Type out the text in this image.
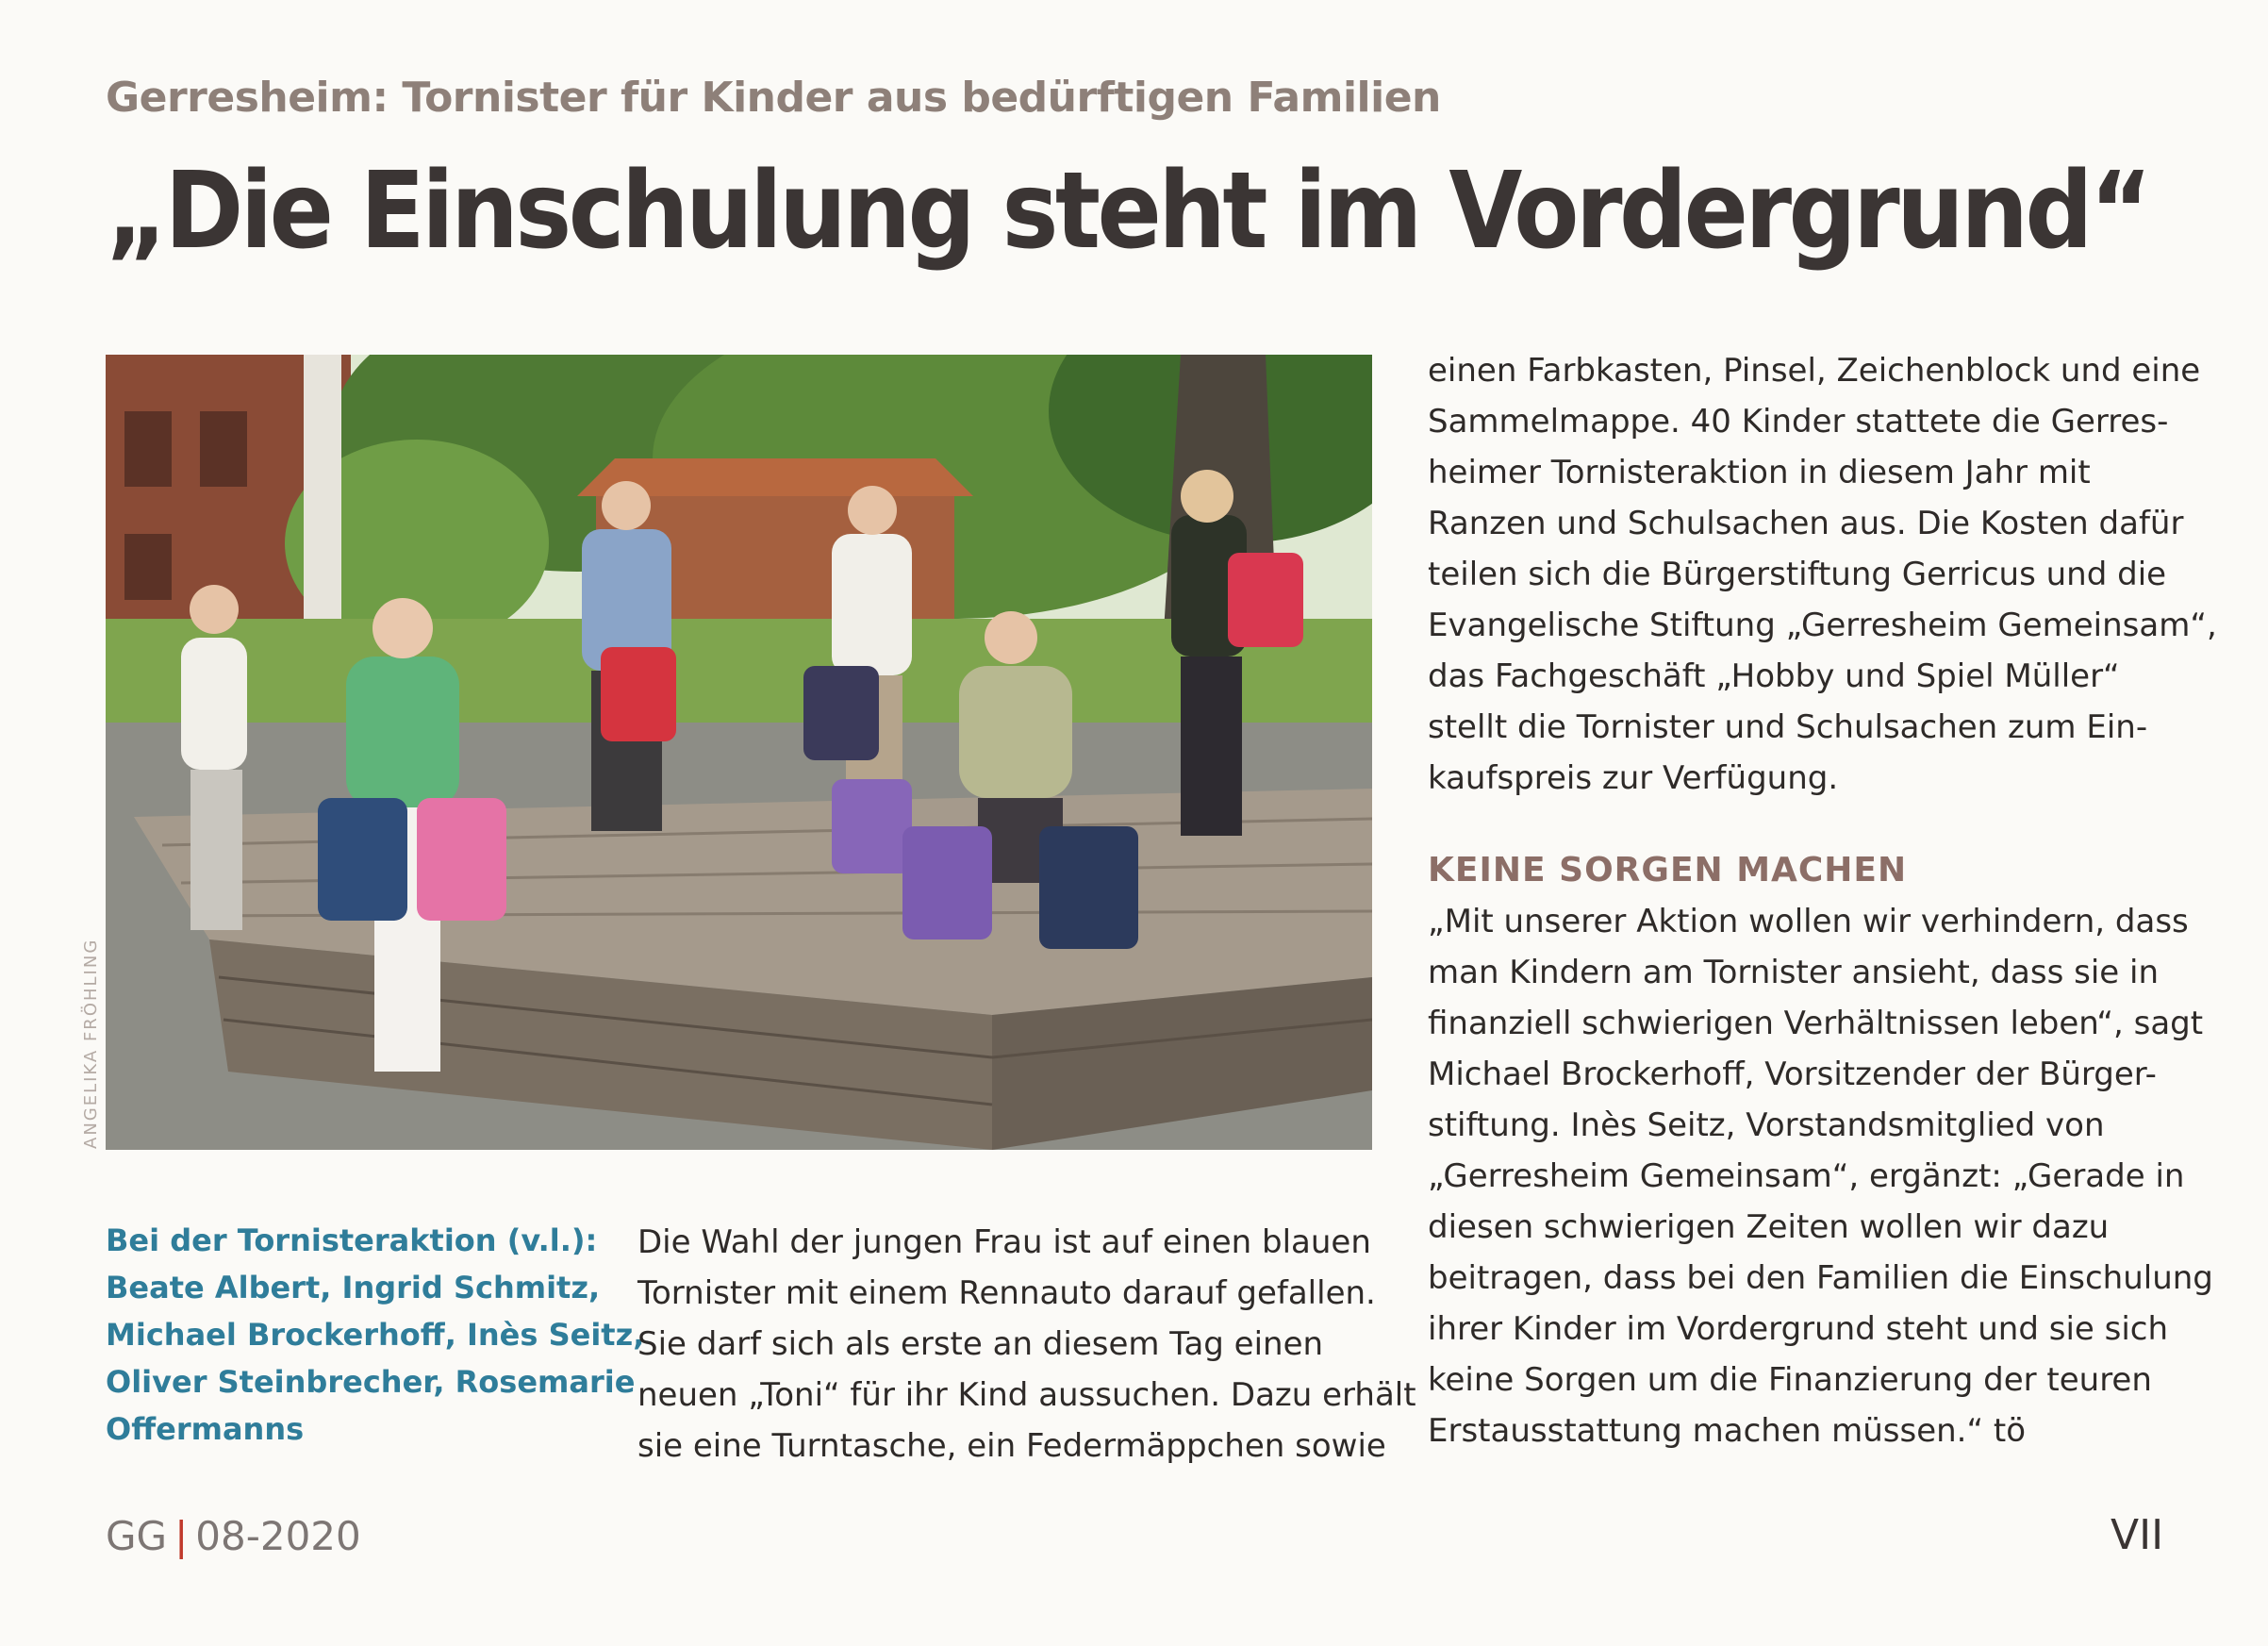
Gerresheim: Tornister für Kinder aus bedürftigen Familien
„Die Einschulung steht im Vordergrund“
ANGELIKA FRÖHLING
Bei der Tornisteraktion (v.l.):
Beate Albert, Ingrid Schmitz,
Michael Brockerhoff, Inès Seitz,
Oliver Steinbrecher, Rosemarie
Offermanns
Die Wahl der jungen Frau ist auf einen blauen
Tornister mit einem Rennauto darauf gefallen.
Sie darf sich als erste an diesem Tag einen
neuen „Toni“ für ihr Kind aussuchen. Dazu erhält
sie eine Turntasche, ein Federmäppchen sowie
einen Farbkasten, Pinsel, Zeichenblock und eine
Sammelmappe. 40 Kinder stattete die Gerres-
heimer Tornisteraktion in diesem Jahr mit
Ranzen und Schulsachen aus. Die Kosten dafür
teilen sich die Bürgerstiftung Gerricus und die
Evangelische Stiftung „Gerresheim Gemeinsam“,
das Fachgeschäft „Hobby und Spiel Müller“
stellt die Tornister und Schulsachen zum Ein-
kaufspreis zur Verfügung.
KEINE SORGEN MACHEN
„Mit unserer Aktion wollen wir verhindern, dass
man Kindern am Tornister ansieht, dass sie in
finanziell schwierigen Verhältnissen leben“, sagt
Michael Brockerhoff, Vorsitzender der Bürger-
stiftung. Inès Seitz, Vorstandsmitglied von
„Gerresheim Gemeinsam“, ergänzt: „Gerade in
diesen schwierigen Zeiten wollen wir dazu
beitragen, dass bei den Familien die Einschulung
ihrer Kinder im Vordergrund steht und sie sich
keine Sorgen um die Finanzierung der teuren
Erstausstattung machen müssen.“ tö
GG | 08-2020	VII
